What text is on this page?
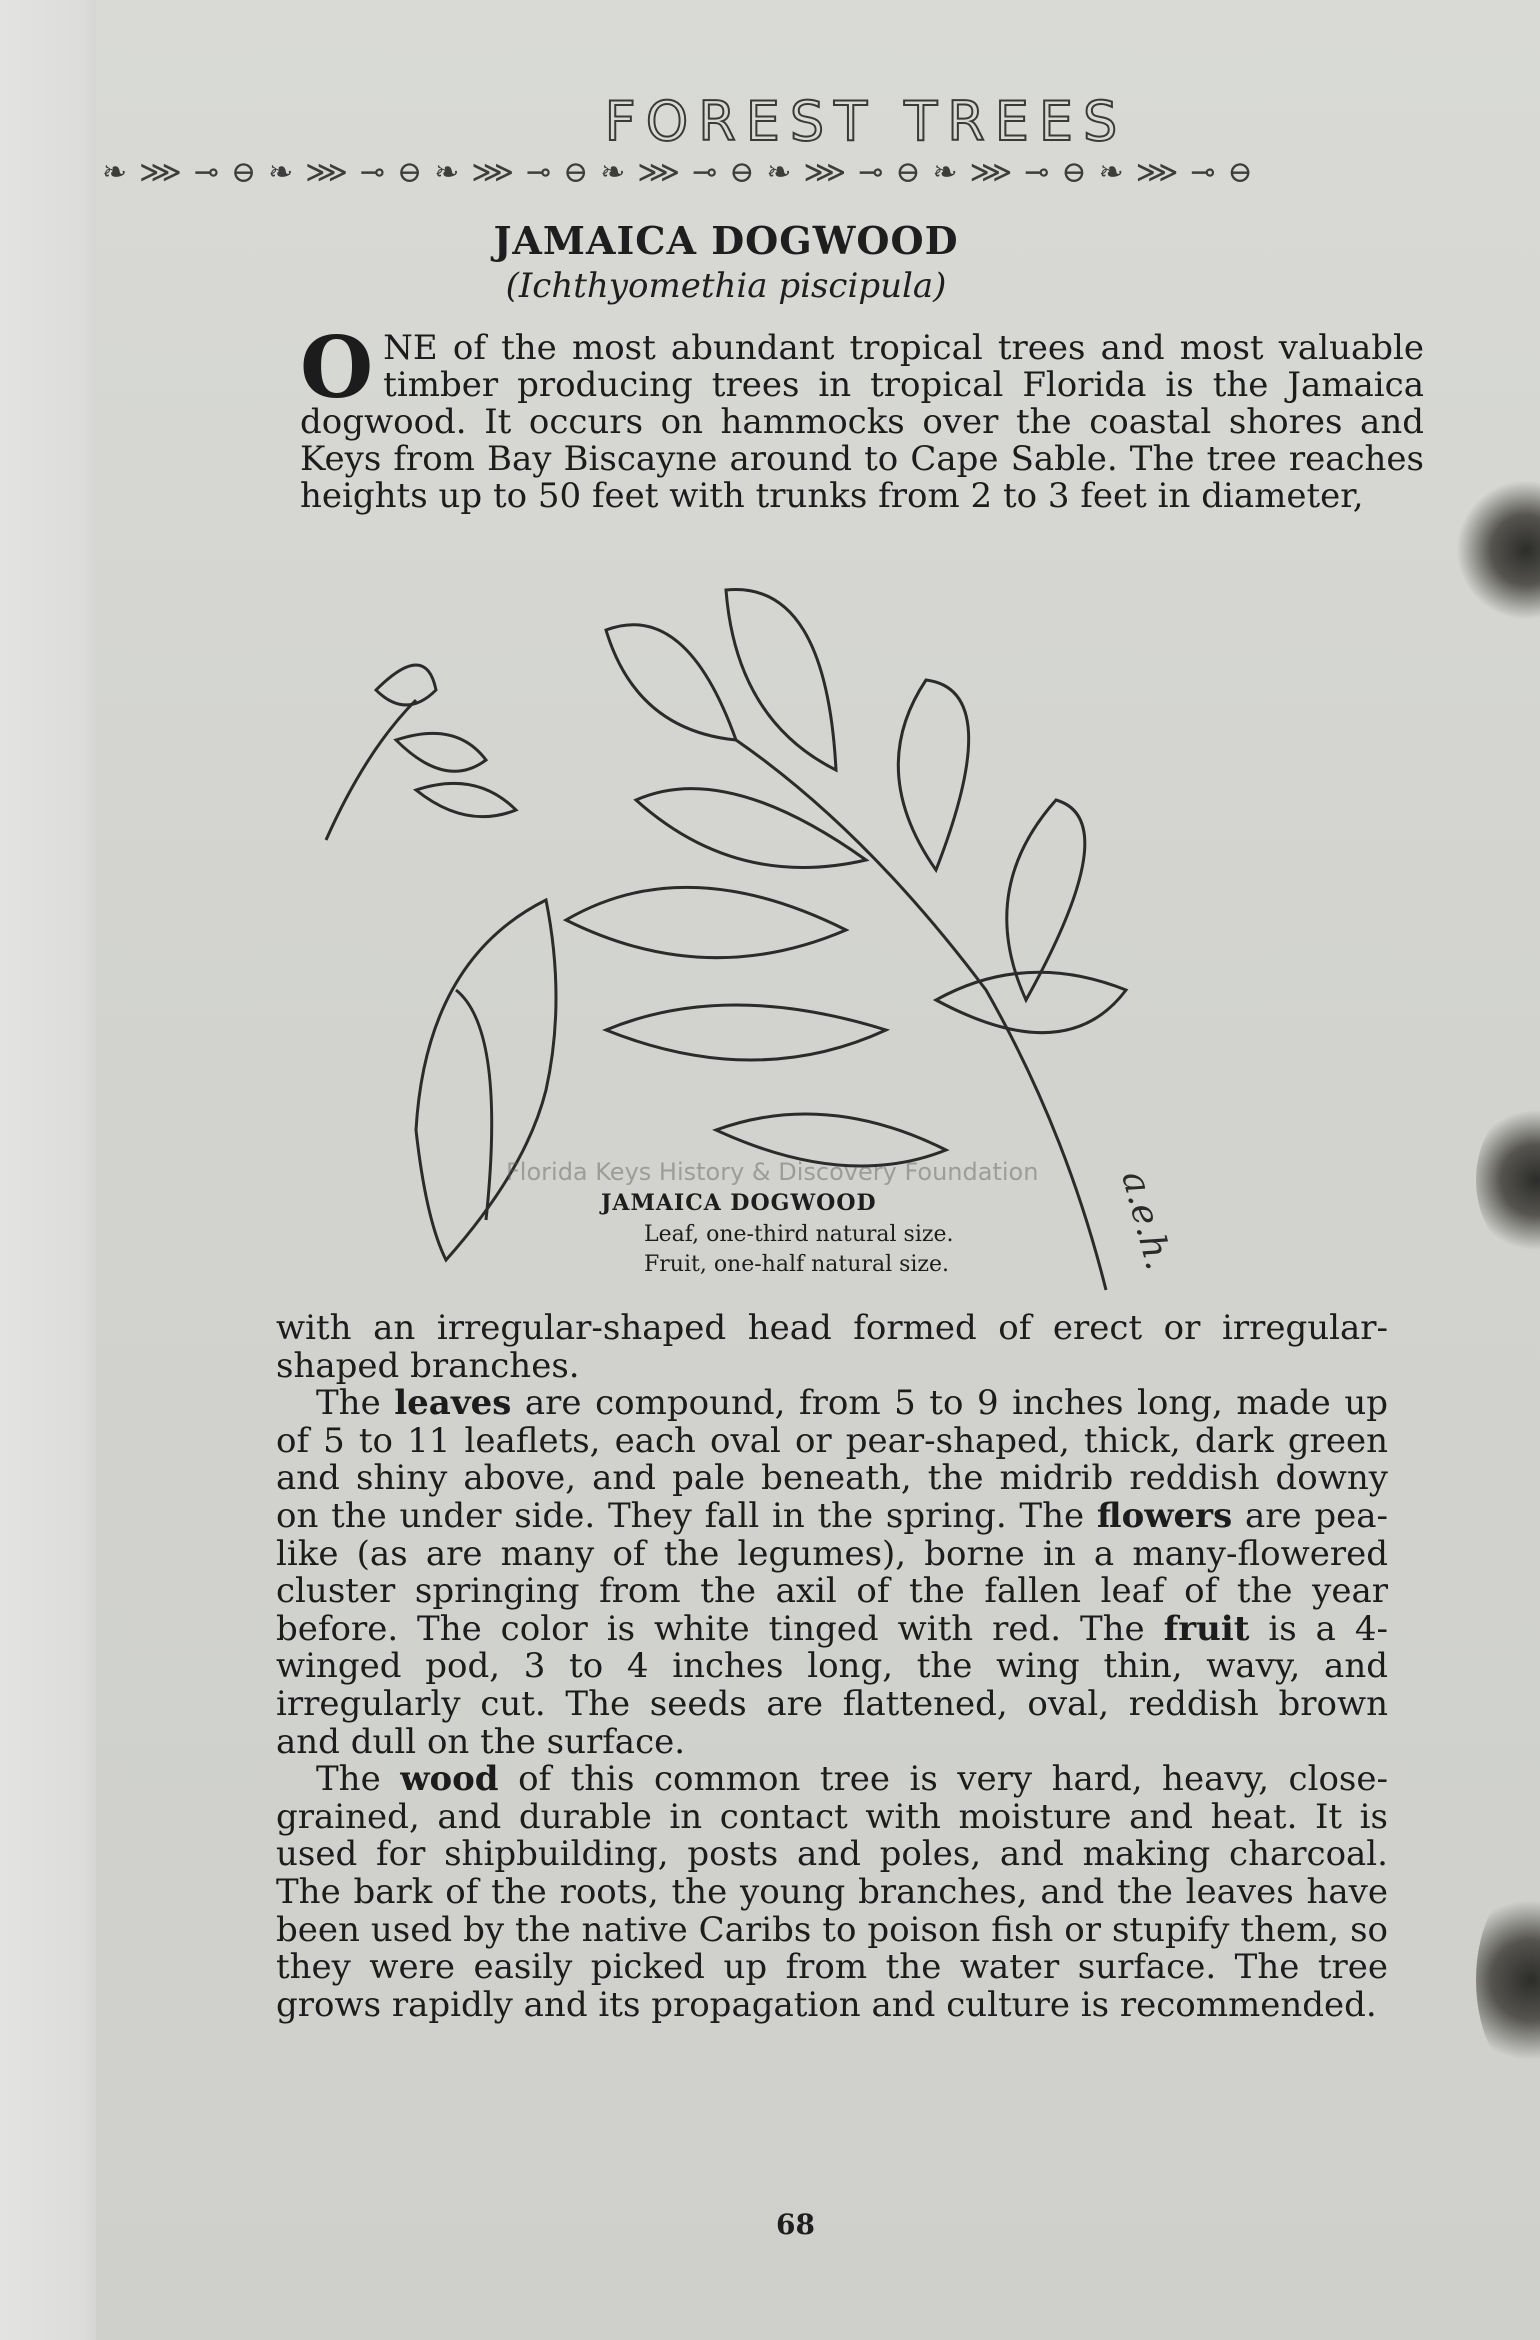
FOREST TREES
❧ ⋙ ⊸ ⊖ ❧ ⋙ ⊸ ⊖ ❧ ⋙ ⊸ ⊖ ❧ ⋙ ⊸ ⊖ ❧ ⋙ ⊸ ⊖ ❧ ⋙ ⊸ ⊖ ❧ ⋙ ⊸ ⊖
JAMAICA DOGWOOD
(Ichthyomethia piscipula)
ONE of the most abundant tropical trees and most valuable timber producing trees in tropical Florida is the Jamaica dogwood. It occurs on hammocks over the coastal shores and Keys from Bay Biscayne around to Cape Sable. The tree reaches heights up to 50 feet with trunks from 2 to 3 feet in diameter,
Florida Keys History & Discovery Foundation
JAMAICA DOGWOOD
Leaf, one-third natural size.
Fruit, one-half natural size.	a.e.h.

with an irregular-shaped head formed of erect or irregular-shaped branches.

The leaves are compound, from 5 to 9 inches long, made up of 5 to 11 leaflets, each oval or pear-shaped, thick, dark green and shiny above, and pale beneath, the midrib reddish downy on the under side. They fall in the spring. The flowers are pea-like (as are many of the legumes), borne in a many-flowered cluster springing from the axil of the fallen leaf of the year before. The color is white tinged with red. The fruit is a 4-winged pod, 3 to 4 inches long, the wing thin, wavy, and irregularly cut. The seeds are flattened, oval, reddish brown and dull on the surface.

The wood of this common tree is very hard, heavy, close-grained, and durable in contact with moisture and heat. It is used for shipbuilding, posts and poles, and making charcoal. The bark of the roots, the young branches, and the leaves have been used by the native Caribs to poison fish or stupify them, so they were easily picked up from the water surface. The tree grows rapidly and its propagation and culture is recommended.

68
